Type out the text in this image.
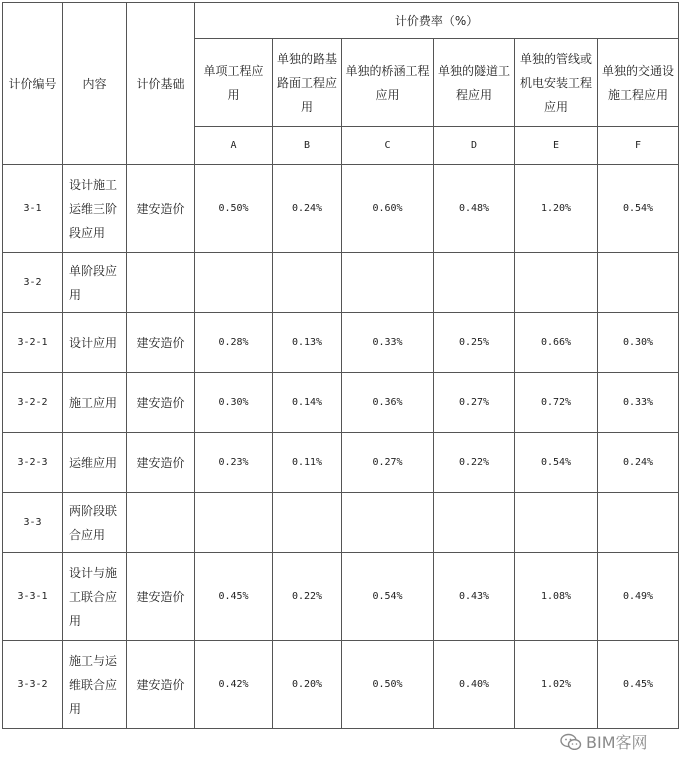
计价编号	内容	计价基础	计价费率（%）					
			单项工程应用	单独的路基路面工程应用	单独的桥涵工程应用	单独的隧道工程应用	单独的管线或机电安装工程应用	单独的交通设施工程应用
			A	B	C	D	E	F
3-1	设计施工运维三阶段应用	建安造价	0.50%	0.24%	0.60%	0.48%	1.20%	0.54%
3-2	单阶段应用							
3-2-1	设计应用	建安造价	0.28%	0.13%	0.33%	0.25%	0.66%	0.30%
3-2-2	施工应用	建安造价	0.30%	0.14%	0.36%	0.27%	0.72%	0.33%
3-2-3	运维应用	建安造价	0.23%	0.11%	0.27%	0.22%	0.54%	0.24%
3-3	两阶段联合应用							
3-3-1	设计与施工联合应用	建安造价	0.45%	0.22%	0.54%	0.43%	1.08%	0.49%
3-3-2	施工与运维联合应用	建安造价	0.42%	0.20%	0.50%	0.40%	1.02%	0.45%
BIM客网
